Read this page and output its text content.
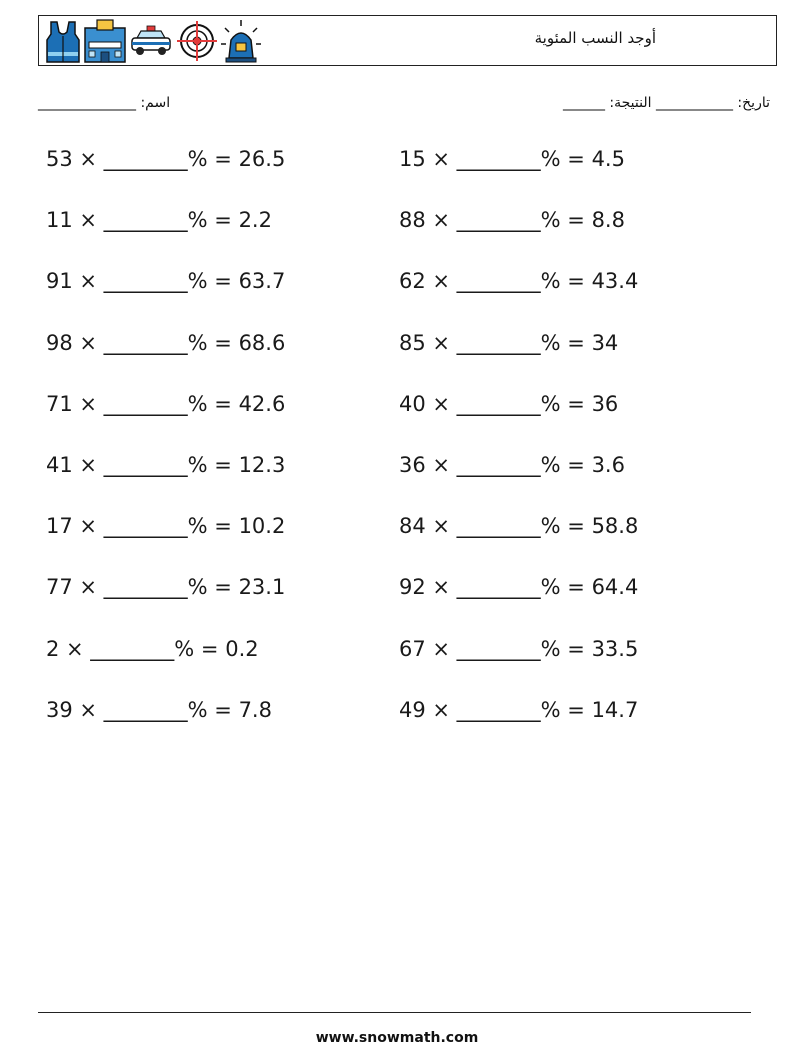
أوجد النسب المئوية
______________ :اسم	______ :تاريخ: ___________ النتيجة
53 × ________% = 26.5
11 × ________% = 2.2
91 × ________% = 63.7
98 × ________% = 68.6
71 × ________% = 42.6
41 × ________% = 12.3
17 × ________% = 10.2
77 × ________% = 23.1
2 × ________% = 0.2
39 × ________% = 7.8
15 × ________% = 4.5
88 × ________% = 8.8
62 × ________% = 43.4
85 × ________% = 34
40 × ________% = 36
36 × ________% = 3.6
84 × ________% = 58.8
92 × ________% = 64.4
67 × ________% = 33.5
49 × ________% = 14.7
www.snowmath.com
